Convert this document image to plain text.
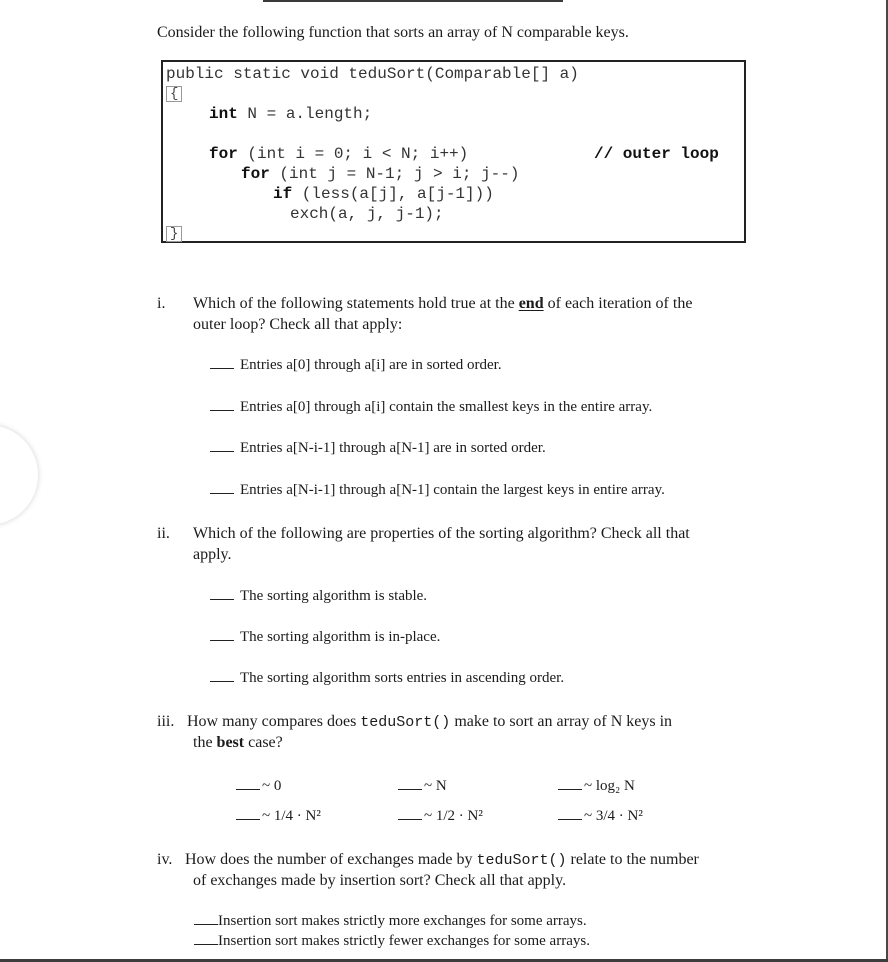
Consider the following function that sorts an array of N comparable keys.
public static void teduSort(Comparable[] a)
{
int N = a.length;
for (int i = 0; i < N; i++)	// outer loop
for (int j = N-1; j > i; j--)
if (less(a[j], a[j-1]))
exch(a, j, j-1);
}
i. Which of the following statements hold true at the end of each iteration of the
outer loop? Check all that apply:
Entries a[0] through a[i] are in sorted order.
Entries a[0] through a[i] contain the smallest keys in the entire array.
Entries a[N-i-1] through a[N-1] are in sorted order.
Entries a[N-i-1] through a[N-1] contain the largest keys in entire array.
ii. Which of the following are properties of the sorting algorithm? Check all that
apply.
The sorting algorithm is stable.
The sorting algorithm is in-place.
The sorting algorithm sorts entries in ascending order.
iii. How many compares does teduSort() make to sort an array of N keys in
the best case?
~ 0	~ N	~ log₂ N
~ 1/4 · N²	~ 1/2 · N²	~ 3/4 · N²
iv. How does the number of exchanges made by teduSort() relate to the number
of exchanges made by insertion sort? Check all that apply.
Insertion sort makes strictly more exchanges for some arrays.
Insertion sort makes strictly fewer exchanges for some arrays.
